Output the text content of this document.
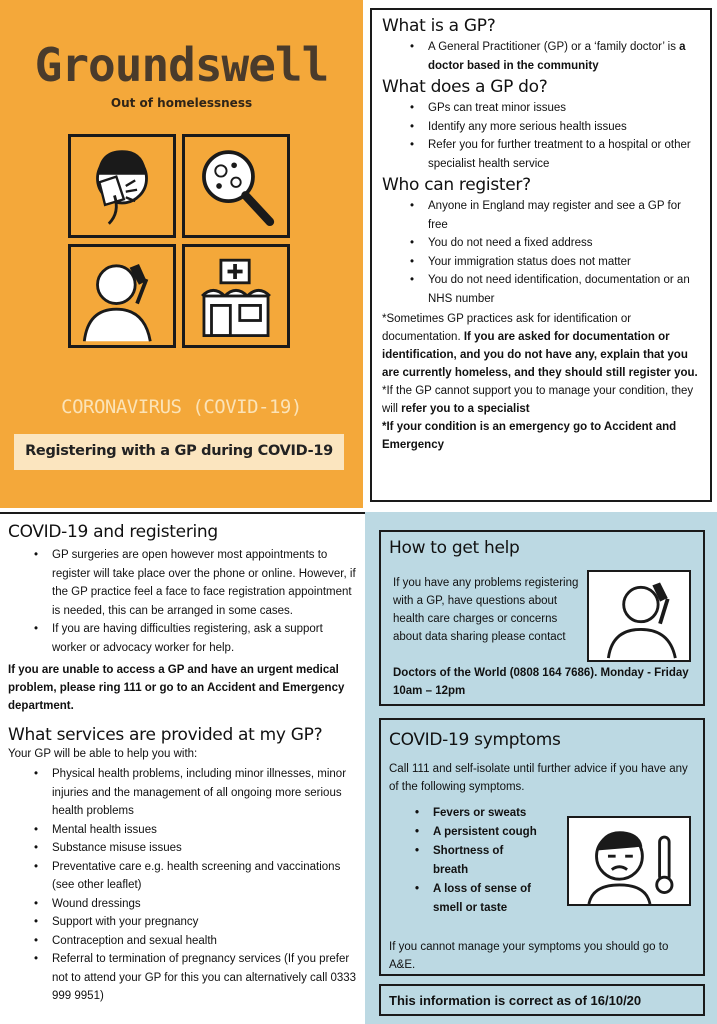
Groundswell
Out of homelessness
CORONAVIRUS (COVID-19)
Registering with a GP during COVID-19
What is a GP?
• A General Practitioner (GP) or a ‘family doctor’ is a doctor based in the community
What does a GP do?
• GPs can treat minor issues
• Identify any more serious health issues
• Refer you for further treatment to a hospital or other specialist health service
Who can register?
• Anyone in England may register and see a GP for free
• You do not need a fixed address
• Your immigration status does not matter
• You do not need identification, documentation or an NHS number

*Sometimes GP practices ask for identification or documentation. If you are asked for documentation or identification, and you do not have any, explain that you are currently homeless, and they should still register you.

*If the GP cannot support you to manage your condition, they will refer you to a specialist

*If your condition is an emergency go to Accident and Emergency

COVID-19 and registering
• GP surgeries are open however most appointments to register will take place over the phone or online. However, if the GP practice feel a face to face registration appointment is needed, this can be arranged in some cases.
• If you are having difficulties registering, ask a support worker or advocacy worker for help.

If you are unable to access a GP and have an urgent medical problem, please ring 111 or go to an Accident and Emergency department.

What services are provided at my GP?

Your GP will be able to help you with:

• Physical health problems, including minor illnesses, minor injuries and the management of all ongoing more serious health problems
• Mental health issues
• Substance misuse issues
• Preventative care e.g. health screening and vaccinations (see other leaflet)
• Wound dressings
• Support with your pregnancy
• Contraception and sexual health
• Referral to termination of pregnancy services (If you prefer not to attend your GP for this you can alternatively call 0333 999 9951)
How to get help
If you have any problems registering with a GP, have questions about health care charges or concerns about data sharing please contact
Doctors of the World (0808 164 7686). Monday - Friday 10am – 12pm
COVID-19 symptoms

Call 111 and self-isolate until further advice if you have any of the following symptoms.

• Fevers or sweats
• A persistent cough
• Shortness of breath
• A loss of sense of smell or taste

If you cannot manage your symptoms you should go to A&E.

This information is correct as of 16/10/20
